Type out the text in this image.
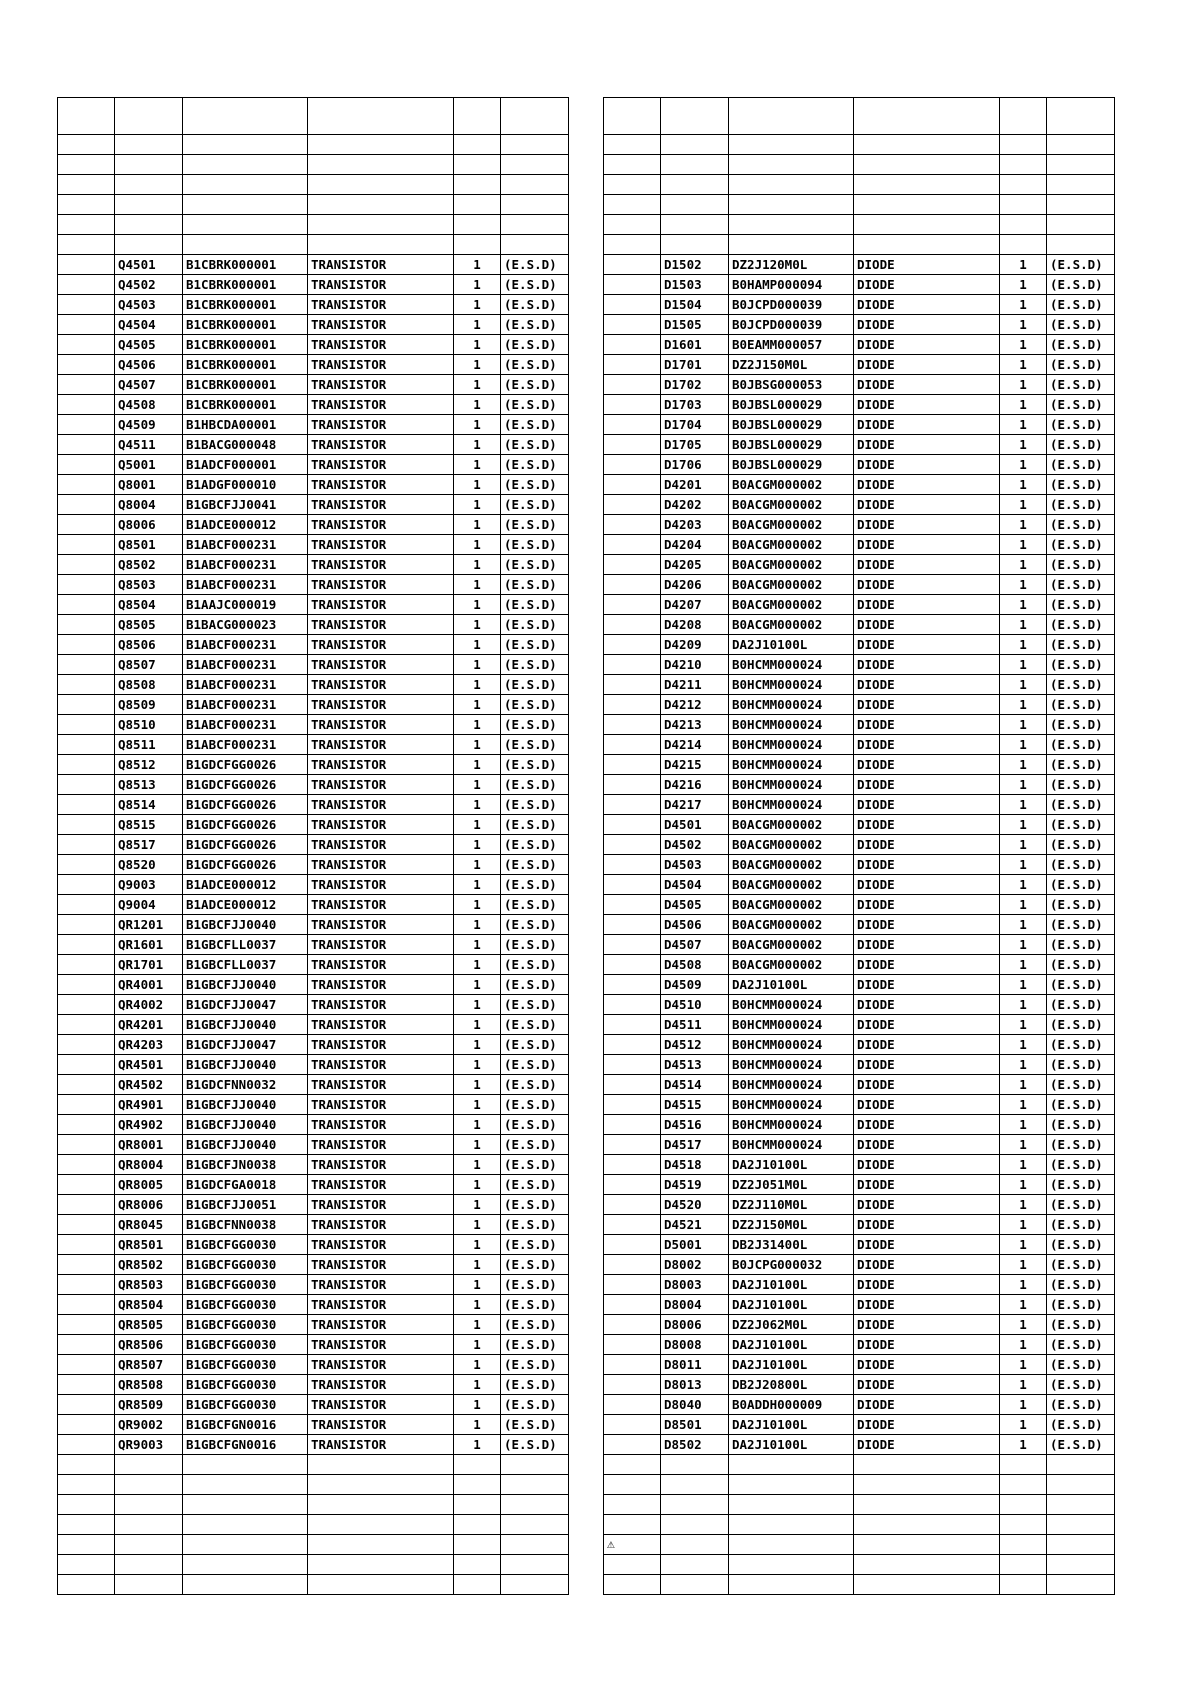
	Q4501	B1CBRK000001	TRANSISTOR	1	(E.S.D)
	Q4502	B1CBRK000001	TRANSISTOR	1	(E.S.D)
	Q4503	B1CBRK000001	TRANSISTOR	1	(E.S.D)
	Q4504	B1CBRK000001	TRANSISTOR	1	(E.S.D)
	Q4505	B1CBRK000001	TRANSISTOR	1	(E.S.D)
	Q4506	B1CBRK000001	TRANSISTOR	1	(E.S.D)
	Q4507	B1CBRK000001	TRANSISTOR	1	(E.S.D)
	Q4508	B1CBRK000001	TRANSISTOR	1	(E.S.D)
	Q4509	B1HBCDA00001	TRANSISTOR	1	(E.S.D)
	Q4511	B1BACG000048	TRANSISTOR	1	(E.S.D)
	Q5001	B1ADCF000001	TRANSISTOR	1	(E.S.D)
	Q8001	B1ADGF000010	TRANSISTOR	1	(E.S.D)
	Q8004	B1GBCFJJ0041	TRANSISTOR	1	(E.S.D)
	Q8006	B1ADCE000012	TRANSISTOR	1	(E.S.D)
	Q8501	B1ABCF000231	TRANSISTOR	1	(E.S.D)
	Q8502	B1ABCF000231	TRANSISTOR	1	(E.S.D)
	Q8503	B1ABCF000231	TRANSISTOR	1	(E.S.D)
	Q8504	B1AAJC000019	TRANSISTOR	1	(E.S.D)
	Q8505	B1BACG000023	TRANSISTOR	1	(E.S.D)
	Q8506	B1ABCF000231	TRANSISTOR	1	(E.S.D)
	Q8507	B1ABCF000231	TRANSISTOR	1	(E.S.D)
	Q8508	B1ABCF000231	TRANSISTOR	1	(E.S.D)
	Q8509	B1ABCF000231	TRANSISTOR	1	(E.S.D)
	Q8510	B1ABCF000231	TRANSISTOR	1	(E.S.D)
	Q8511	B1ABCF000231	TRANSISTOR	1	(E.S.D)
	Q8512	B1GDCFGG0026	TRANSISTOR	1	(E.S.D)
	Q8513	B1GDCFGG0026	TRANSISTOR	1	(E.S.D)
	Q8514	B1GDCFGG0026	TRANSISTOR	1	(E.S.D)
	Q8515	B1GDCFGG0026	TRANSISTOR	1	(E.S.D)
	Q8517	B1GDCFGG0026	TRANSISTOR	1	(E.S.D)
	Q8520	B1GDCFGG0026	TRANSISTOR	1	(E.S.D)
	Q9003	B1ADCE000012	TRANSISTOR	1	(E.S.D)
	Q9004	B1ADCE000012	TRANSISTOR	1	(E.S.D)
	QR1201	B1GBCFJJ0040	TRANSISTOR	1	(E.S.D)
	QR1601	B1GBCFLL0037	TRANSISTOR	1	(E.S.D)
	QR1701	B1GBCFLL0037	TRANSISTOR	1	(E.S.D)
	QR4001	B1GBCFJJ0040	TRANSISTOR	1	(E.S.D)
	QR4002	B1GDCFJJ0047	TRANSISTOR	1	(E.S.D)
	QR4201	B1GBCFJJ0040	TRANSISTOR	1	(E.S.D)
	QR4203	B1GDCFJJ0047	TRANSISTOR	1	(E.S.D)
	QR4501	B1GBCFJJ0040	TRANSISTOR	1	(E.S.D)
	QR4502	B1GDCFNN0032	TRANSISTOR	1	(E.S.D)
	QR4901	B1GBCFJJ0040	TRANSISTOR	1	(E.S.D)
	QR4902	B1GBCFJJ0040	TRANSISTOR	1	(E.S.D)
	QR8001	B1GBCFJJ0040	TRANSISTOR	1	(E.S.D)
	QR8004	B1GBCFJN0038	TRANSISTOR	1	(E.S.D)
	QR8005	B1GDCFGA0018	TRANSISTOR	1	(E.S.D)
	QR8006	B1GBCFJJ0051	TRANSISTOR	1	(E.S.D)
	QR8045	B1GBCFNN0038	TRANSISTOR	1	(E.S.D)
	QR8501	B1GBCFGG0030	TRANSISTOR	1	(E.S.D)
	QR8502	B1GBCFGG0030	TRANSISTOR	1	(E.S.D)
	QR8503	B1GBCFGG0030	TRANSISTOR	1	(E.S.D)
	QR8504	B1GBCFGG0030	TRANSISTOR	1	(E.S.D)
	QR8505	B1GBCFGG0030	TRANSISTOR	1	(E.S.D)
	QR8506	B1GBCFGG0030	TRANSISTOR	1	(E.S.D)
	QR8507	B1GBCFGG0030	TRANSISTOR	1	(E.S.D)
	QR8508	B1GBCFGG0030	TRANSISTOR	1	(E.S.D)
	QR8509	B1GBCFGG0030	TRANSISTOR	1	(E.S.D)
	QR9002	B1GBCFGN0016	TRANSISTOR	1	(E.S.D)
	QR9003	B1GBCFGN0016	TRANSISTOR	1	(E.S.D)

	D1502	DZ2J120M0L	DIODE	1	(E.S.D)
	D1503	B0HAMP000094	DIODE	1	(E.S.D)
	D1504	B0JCPD000039	DIODE	1	(E.S.D)
	D1505	B0JCPD000039	DIODE	1	(E.S.D)
	D1601	B0EAMM000057	DIODE	1	(E.S.D)
	D1701	DZ2J150M0L	DIODE	1	(E.S.D)
	D1702	B0JBSG000053	DIODE	1	(E.S.D)
	D1703	B0JBSL000029	DIODE	1	(E.S.D)
	D1704	B0JBSL000029	DIODE	1	(E.S.D)
	D1705	B0JBSL000029	DIODE	1	(E.S.D)
	D1706	B0JBSL000029	DIODE	1	(E.S.D)
	D4201	B0ACGM000002	DIODE	1	(E.S.D)
	D4202	B0ACGM000002	DIODE	1	(E.S.D)
	D4203	B0ACGM000002	DIODE	1	(E.S.D)
	D4204	B0ACGM000002	DIODE	1	(E.S.D)
	D4205	B0ACGM000002	DIODE	1	(E.S.D)
	D4206	B0ACGM000002	DIODE	1	(E.S.D)
	D4207	B0ACGM000002	DIODE	1	(E.S.D)
	D4208	B0ACGM000002	DIODE	1	(E.S.D)
	D4209	DA2J10100L	DIODE	1	(E.S.D)
	D4210	B0HCMM000024	DIODE	1	(E.S.D)
	D4211	B0HCMM000024	DIODE	1	(E.S.D)
	D4212	B0HCMM000024	DIODE	1	(E.S.D)
	D4213	B0HCMM000024	DIODE	1	(E.S.D)
	D4214	B0HCMM000024	DIODE	1	(E.S.D)
	D4215	B0HCMM000024	DIODE	1	(E.S.D)
	D4216	B0HCMM000024	DIODE	1	(E.S.D)
	D4217	B0HCMM000024	DIODE	1	(E.S.D)
	D4501	B0ACGM000002	DIODE	1	(E.S.D)
	D4502	B0ACGM000002	DIODE	1	(E.S.D)
	D4503	B0ACGM000002	DIODE	1	(E.S.D)
	D4504	B0ACGM000002	DIODE	1	(E.S.D)
	D4505	B0ACGM000002	DIODE	1	(E.S.D)
	D4506	B0ACGM000002	DIODE	1	(E.S.D)
	D4507	B0ACGM000002	DIODE	1	(E.S.D)
	D4508	B0ACGM000002	DIODE	1	(E.S.D)
	D4509	DA2J10100L	DIODE	1	(E.S.D)
	D4510	B0HCMM000024	DIODE	1	(E.S.D)
	D4511	B0HCMM000024	DIODE	1	(E.S.D)
	D4512	B0HCMM000024	DIODE	1	(E.S.D)
	D4513	B0HCMM000024	DIODE	1	(E.S.D)
	D4514	B0HCMM000024	DIODE	1	(E.S.D)
	D4515	B0HCMM000024	DIODE	1	(E.S.D)
	D4516	B0HCMM000024	DIODE	1	(E.S.D)
	D4517	B0HCMM000024	DIODE	1	(E.S.D)
	D4518	DA2J10100L	DIODE	1	(E.S.D)
	D4519	DZ2J051M0L	DIODE	1	(E.S.D)
	D4520	DZ2J110M0L	DIODE	1	(E.S.D)
	D4521	DZ2J150M0L	DIODE	1	(E.S.D)
	D5001	DB2J31400L	DIODE	1	(E.S.D)
	D8002	B0JCPG000032	DIODE	1	(E.S.D)
	D8003	DA2J10100L	DIODE	1	(E.S.D)
	D8004	DA2J10100L	DIODE	1	(E.S.D)
	D8006	DZ2J062M0L	DIODE	1	(E.S.D)
	D8008	DA2J10100L	DIODE	1	(E.S.D)
	D8011	DA2J10100L	DIODE	1	(E.S.D)
	D8013	DB2J20800L	DIODE	1	(E.S.D)
	D8040	B0ADDH000009	DIODE	1	(E.S.D)
	D8501	DA2J10100L	DIODE	1	(E.S.D)
	D8502	DA2J10100L	DIODE	1	(E.S.D)

⚠					
